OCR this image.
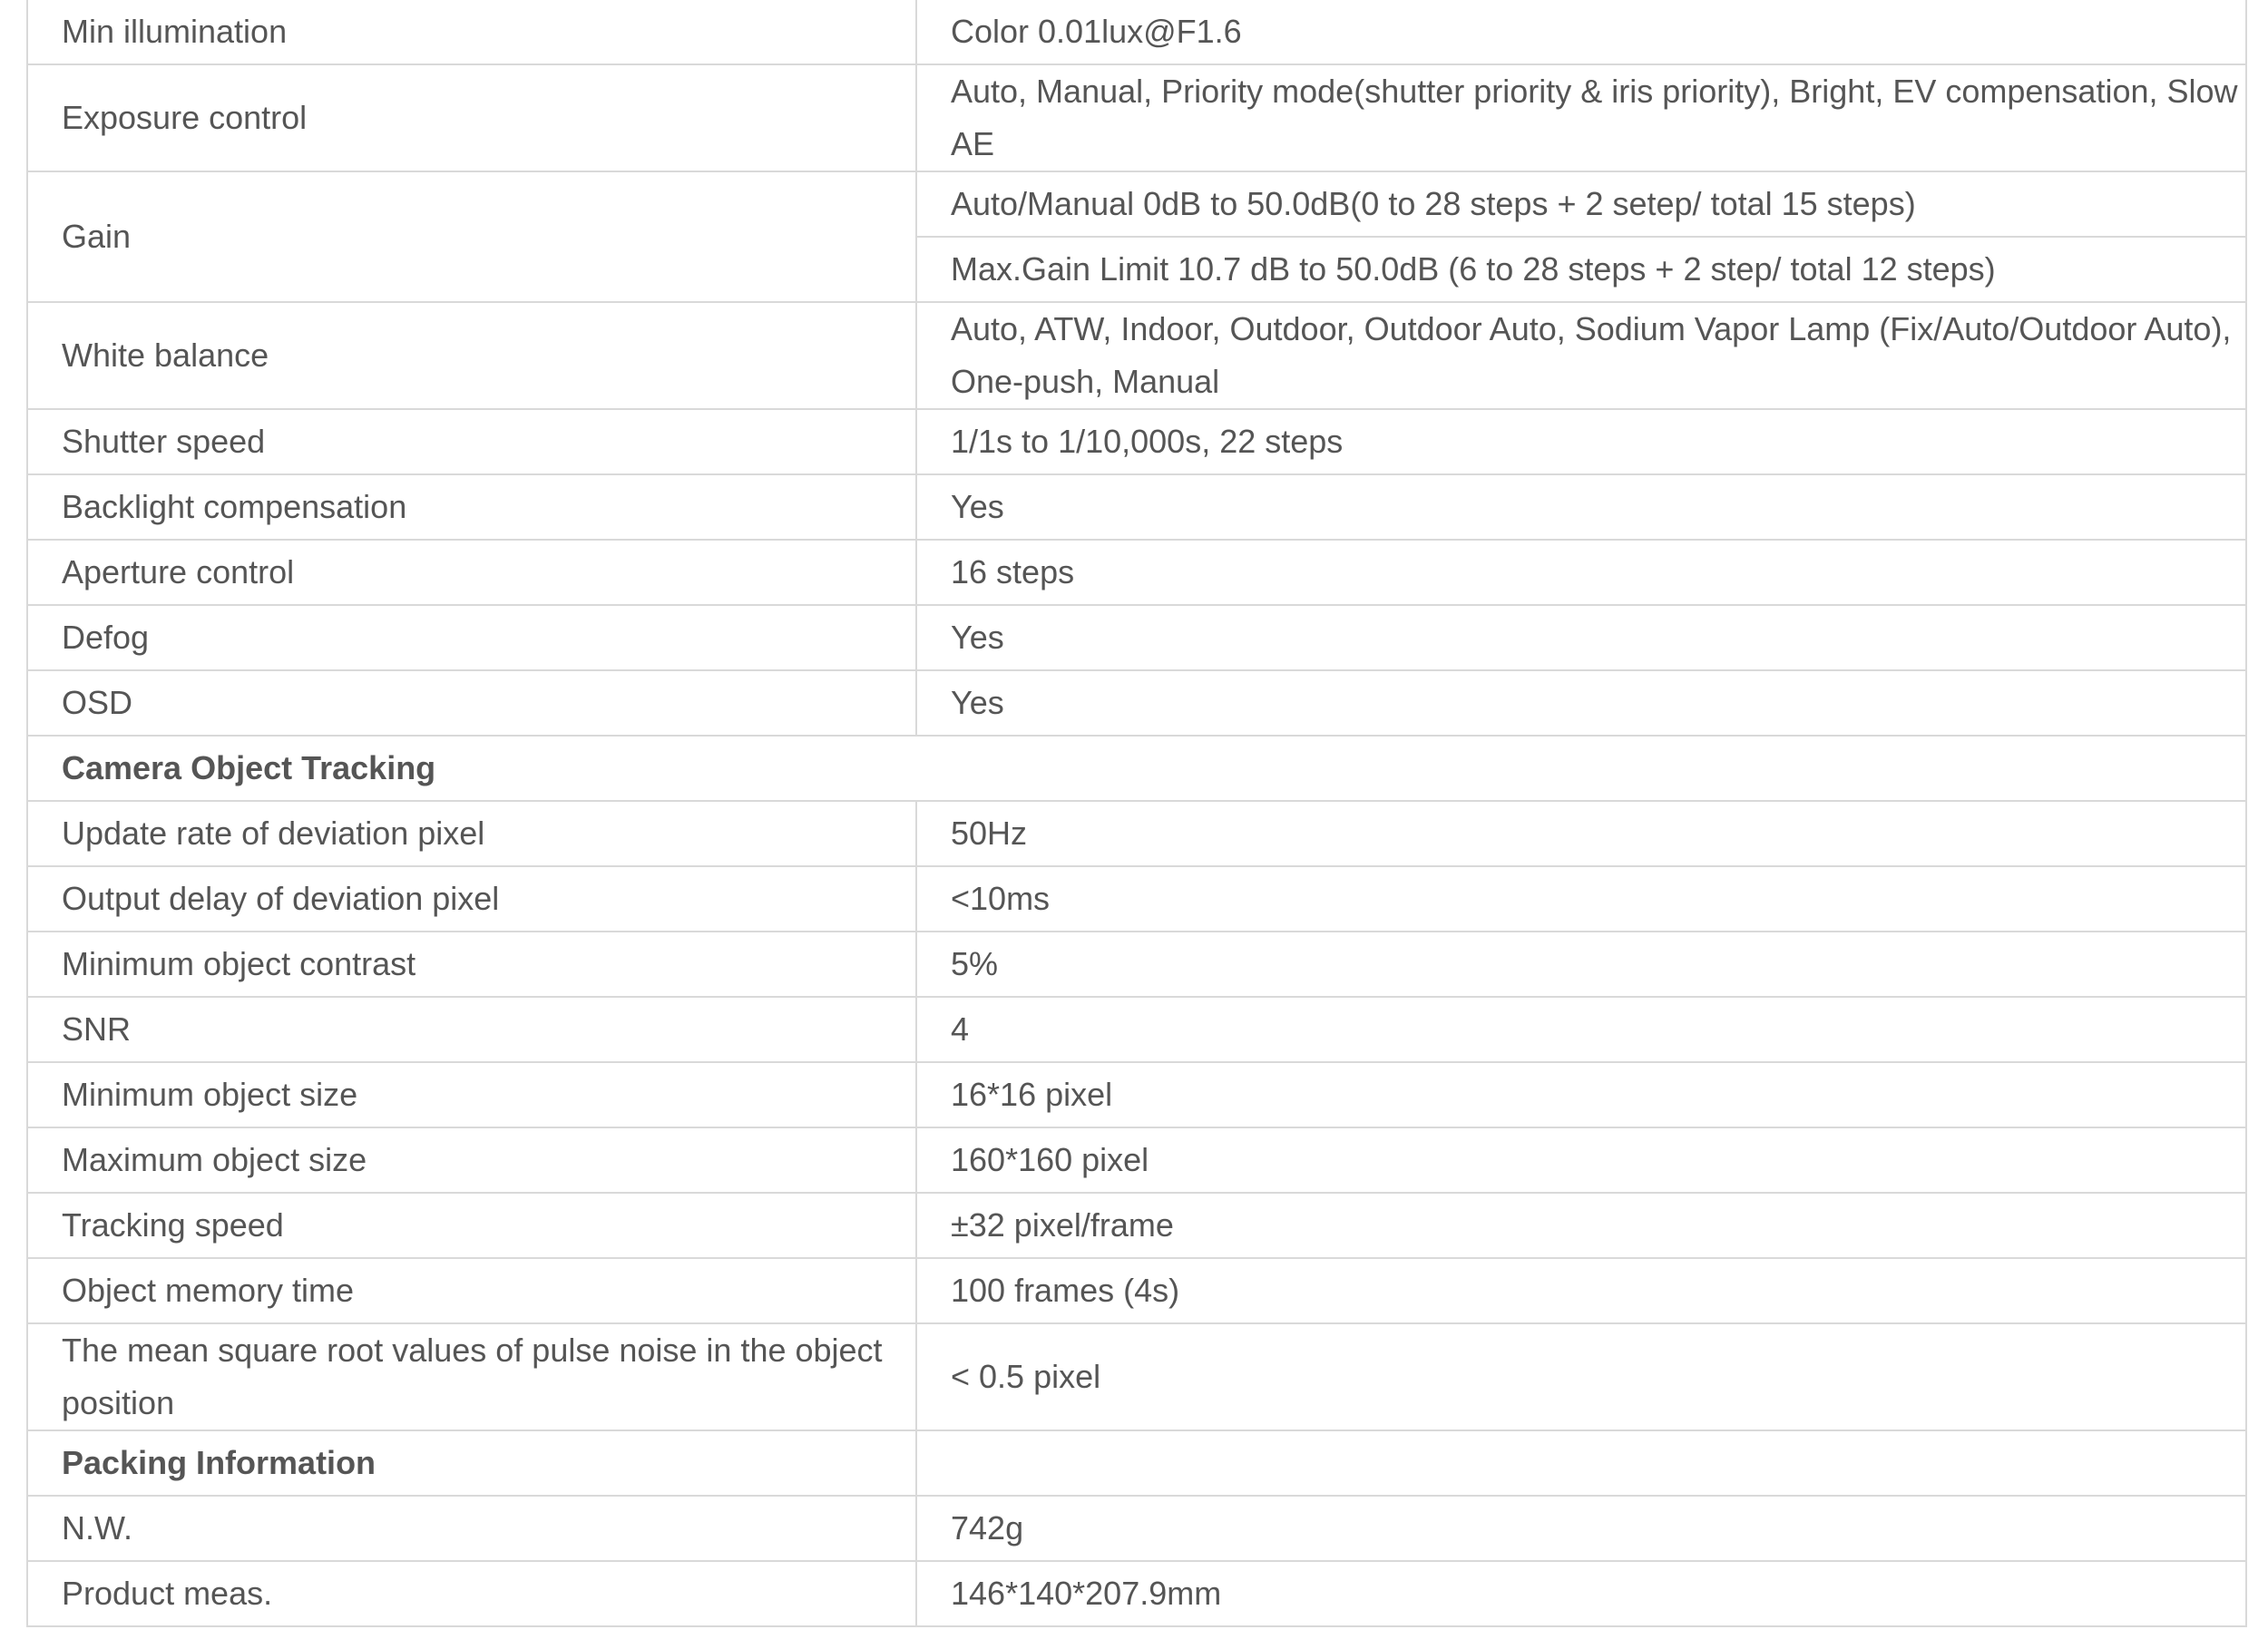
Min illumination	Color 0.01lux@F1.6
Exposure control	Auto, Manual, Priority mode(shutter priority & iris priority), Bright, EV compensation, Slow AE
Gain	Auto/Manual 0dB to 50.0dB(0 to 28 steps + 2 setep/ total 15 steps)
	Max.Gain Limit 10.7 dB to 50.0dB (6 to 28 steps + 2 step/ total 12 steps)
White balance	Auto, ATW, Indoor, Outdoor, Outdoor Auto, Sodium Vapor Lamp (Fix/Auto/Outdoor Auto), One-push, Manual
Shutter speed	1/1s to 1/10,000s, 22 steps
Backlight compensation	Yes
Aperture control	16 steps
Defog	Yes
OSD	Yes
Camera Object Tracking	
Update rate of deviation pixel	50Hz
Output delay of deviation pixel	<10ms
Minimum object contrast	5%
SNR	4
Minimum object size	16*16 pixel
Maximum object size	160*160 pixel
Tracking speed	±32 pixel/frame
Object memory time	100 frames (4s)
The mean square root values of pulse noise in the object position	< 0.5 pixel
Packing Information	
N.W.	742g
Product meas.	146*140*207.9mm
